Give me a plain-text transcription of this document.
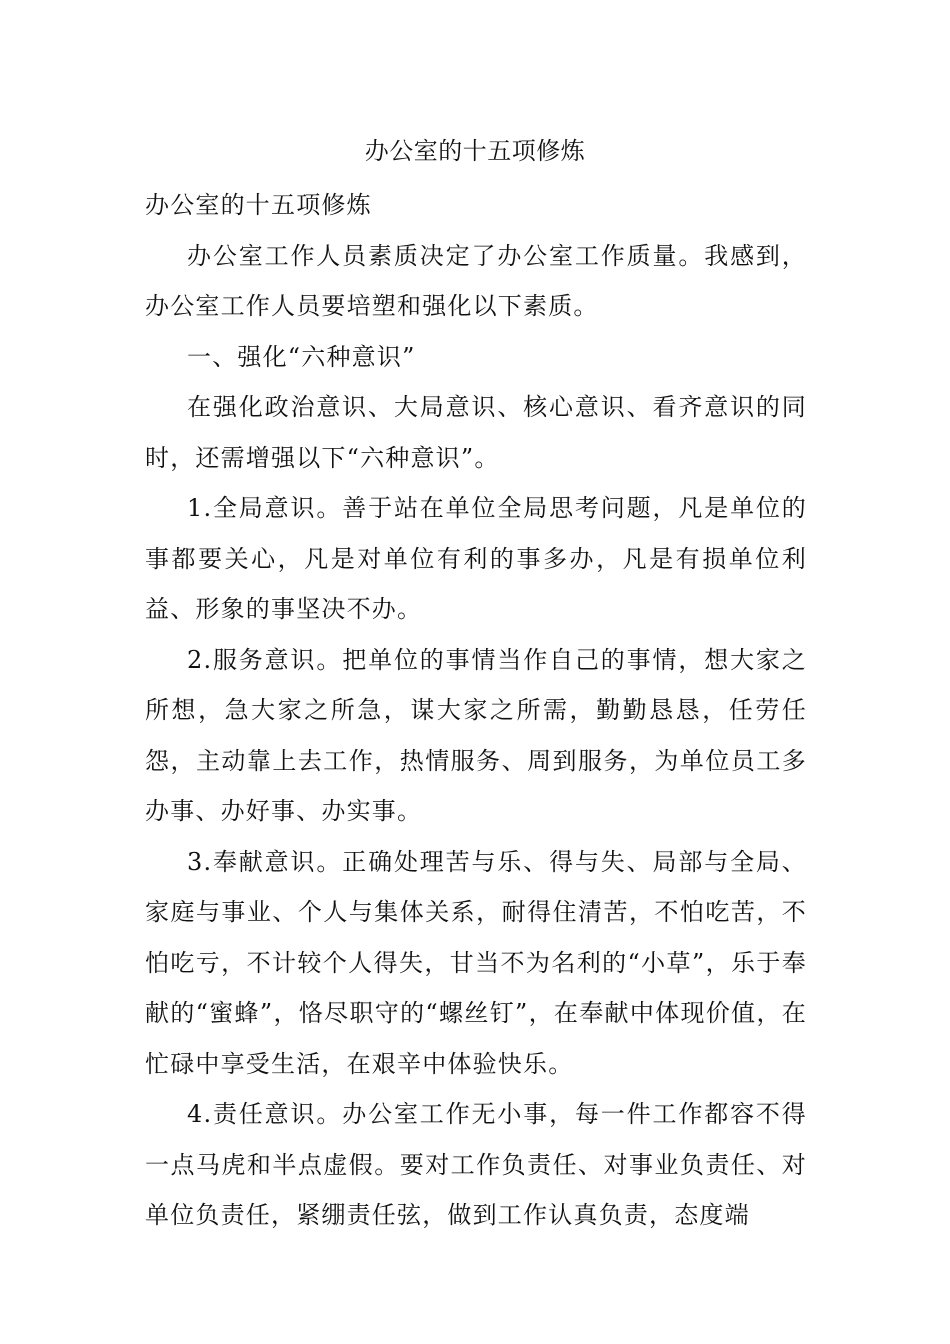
办公室的十五项修炼

办公室的十五项修炼

办公室工作人员素质决定了办公室工作质量。我感到，办公室工作人员要培塑和强化以下素质。

一、强化“六种意识”

在强化政治意识、大局意识、核心意识、看齐意识的同时，还需增强以下“六种意识”。

1.全局意识。善于站在单位全局思考问题，凡是单位的事都要关心，凡是对单位有利的事多办，凡是有损单位利益、形象的事坚决不办。

2.服务意识。把单位的事情当作自己的事情，想大家之所想，急大家之所急，谋大家之所需，勤勤恳恳，任劳任怨，主动靠上去工作，热情服务、周到服务，为单位员工多办事、办好事、办实事。

3.奉献意识。正确处理苦与乐、得与失、局部与全局、家庭与事业、个人与集体关系，耐得住清苦，不怕吃苦，不怕吃亏，不计较个人得失，甘当不为名利的“小草”，乐于奉献的“蜜蜂”，恪尽职守的“螺丝钉”，在奉献中体现价值，在忙碌中享受生活，在艰辛中体验快乐。

4.责任意识。办公室工作无小事，每一件工作都容不得一点马虎和半点虚假。要对工作负责任、对事业负责任、对单位负责任，紧绷责任弦，做到工作认真负责，态度端
